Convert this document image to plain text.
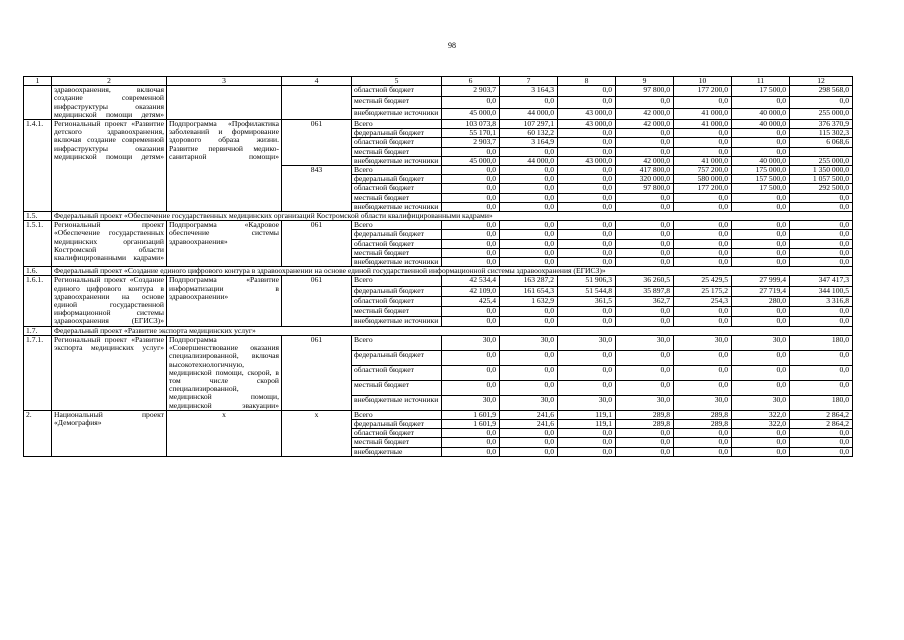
98
1	2	3	4	5	6	7	8	9	10	11	12
	здравоохранения, включая создание современной инфраструктуры оказания медицинской помощи детям»			областной бюджет	2 903,7	3 164,3	0,0	97 800,0	177 200,0	17 500,0	298 568,0
				местный бюджет	0,0	0,0	0,0	0,0	0,0	0,0	0,0
				внебюджетные источники	45 000,0	44 000,0	43 000,0	42 000,0	41 000,0	40 000,0	255 000,0
1.4.1.	Региональный проект «Развитие детского здравоохранения, включая создание современной инфраструктуры оказания медицинской помощи детям»	Подпрограмма «Профилактика заболеваний и формирование здорового образа жизни. Развитие первичной медико-санитарной помощи»	061	Всего	103 073,8	107 297,1	43 000,0	42 000,0	41 000,0	40 000,0	376 370,9
				федеральный бюджет	55 170,1	60 132,2	0,0	0,0	0,0	0,0	115 302,3
				областной бюджет	2 903,7	3 164,9	0,0	0,0	0,0	0,0	6 068,6
				местный бюджет	0,0	0,0	0,0	0,0	0,0	0,0	
				внебюджетные источники	45 000,0	44 000,0	43 000,0	42 000,0	41 000,0	40 000,0	255 000,0
			843	Всего	0,0	0,0	0,0	417 800,0	757 200,0	175 000,0	1 350 000,0
				федеральный бюджет	0,0	0,0	0,0	320 000,0	580 000,0	157 500,0	1 057 500,0
				областной бюджет	0,0	0,0	0,0	97 800,0	177 200,0	17 500,0	292 500,0
				местный бюджет	0,0	0,0	0,0	0,0	0,0	0,0	0,0
				внебюджетные источники	0,0	0,0	0,0	0,0	0,0	0,0	0,0
1.5.	Федеральный проект «Обеспечение государственных медицинских организаций Костромской области квалифицированными кадрами»										
1.5.1.	Региональный проект «Обеспечение государственных медицинских организаций Костромской области квалифицированными кадрами»	Подпрограмма «Кадровое обеспечение системы здравоохранения»	061	Всего	0,0	0,0	0,0	0,0	0,0	0,0	0,0
				федеральный бюджет	0,0	0,0	0,0	0,0	0,0	0,0	0,0
				областной бюджет	0,0	0,0	0,0	0,0	0,0	0,0	0,0
				местный бюджет	0,0	0,0	0,0	0,0	0,0	0,0	0,0
				внебюджетные источники	0,0	0,0	0,0	0,0	0,0	0,0	0,0
1.6.	Федеральный проект «Создание единого цифрового контура в здравоохранении на основе единой государственной информационной системы здравоохранения (ЕГИСЗ)»										
1.6.1.	Региональный проект «Создание единого цифрового контура в здравоохранении на основе единой государственной информационной системы здравоохранения (ЕГИСЗ)»	Подпрограмма «Развитие информатизации в здравоохранении»	061	Всего	42 534,4	163 287,2	51 906,3	36 260,5	25 429,5	27 999,4	347 417,3
				федеральный бюджет	42 109,0	161 654,3	51 544,8	35 897,8	25 175,2	27 719,4	344 100,5
				областной бюджет	425,4	1 632,9	361,5	362,7	254,3	280,0	3 316,8
				местный бюджет	0,0	0,0	0,0	0,0	0,0	0,0	0,0
				внебюджетные источники	0,0	0,0	0,0	0,0	0,0	0,0	0,0
1.7.	Федеральный проект «Развитие экспорта медицинских услуг»										
1.7.1.	Региональный проект «Развитие экспорта медицинских услуг»	Подпрограмма «Совершенствование оказания специализированной, включая высокотехнологичную, медицинской помощи, скорой, в том числе скорой специализированной, медицинской помощи, медицинской эвакуации»	061	Всего	30,0	30,0	30,0	30,0	30,0	30,0	180,0
				федеральный бюджет	0,0	0,0	0,0	0,0	0,0	0,0	0,0
				областной бюджет	0,0	0,0	0,0	0,0	0,0	0,0	0,0
				местный бюджет	0,0	0,0	0,0	0,0	0,0	0,0	0,0
				внебюджетные источники	30,0	30,0	30,0	30,0	30,0	30,0	180,0
2.	Национальный проект «Демография»	х	х	Всего	1 601,9	241,6	119,1	289,8	289,8	322,0	2 864,2
				федеральный бюджет	1 601,9	241,6	119,1	289,8	289,8	322,0	2 864,2
				областной бюджет	0,0	0,0	0,0	0,0	0,0	0,0	0,0
				местный бюджет	0,0	0,0	0,0	0,0	0,0	0,0	0,0
				внебюджетные	0,0	0,0	0,0	0,0	0,0	0,0	0,0
